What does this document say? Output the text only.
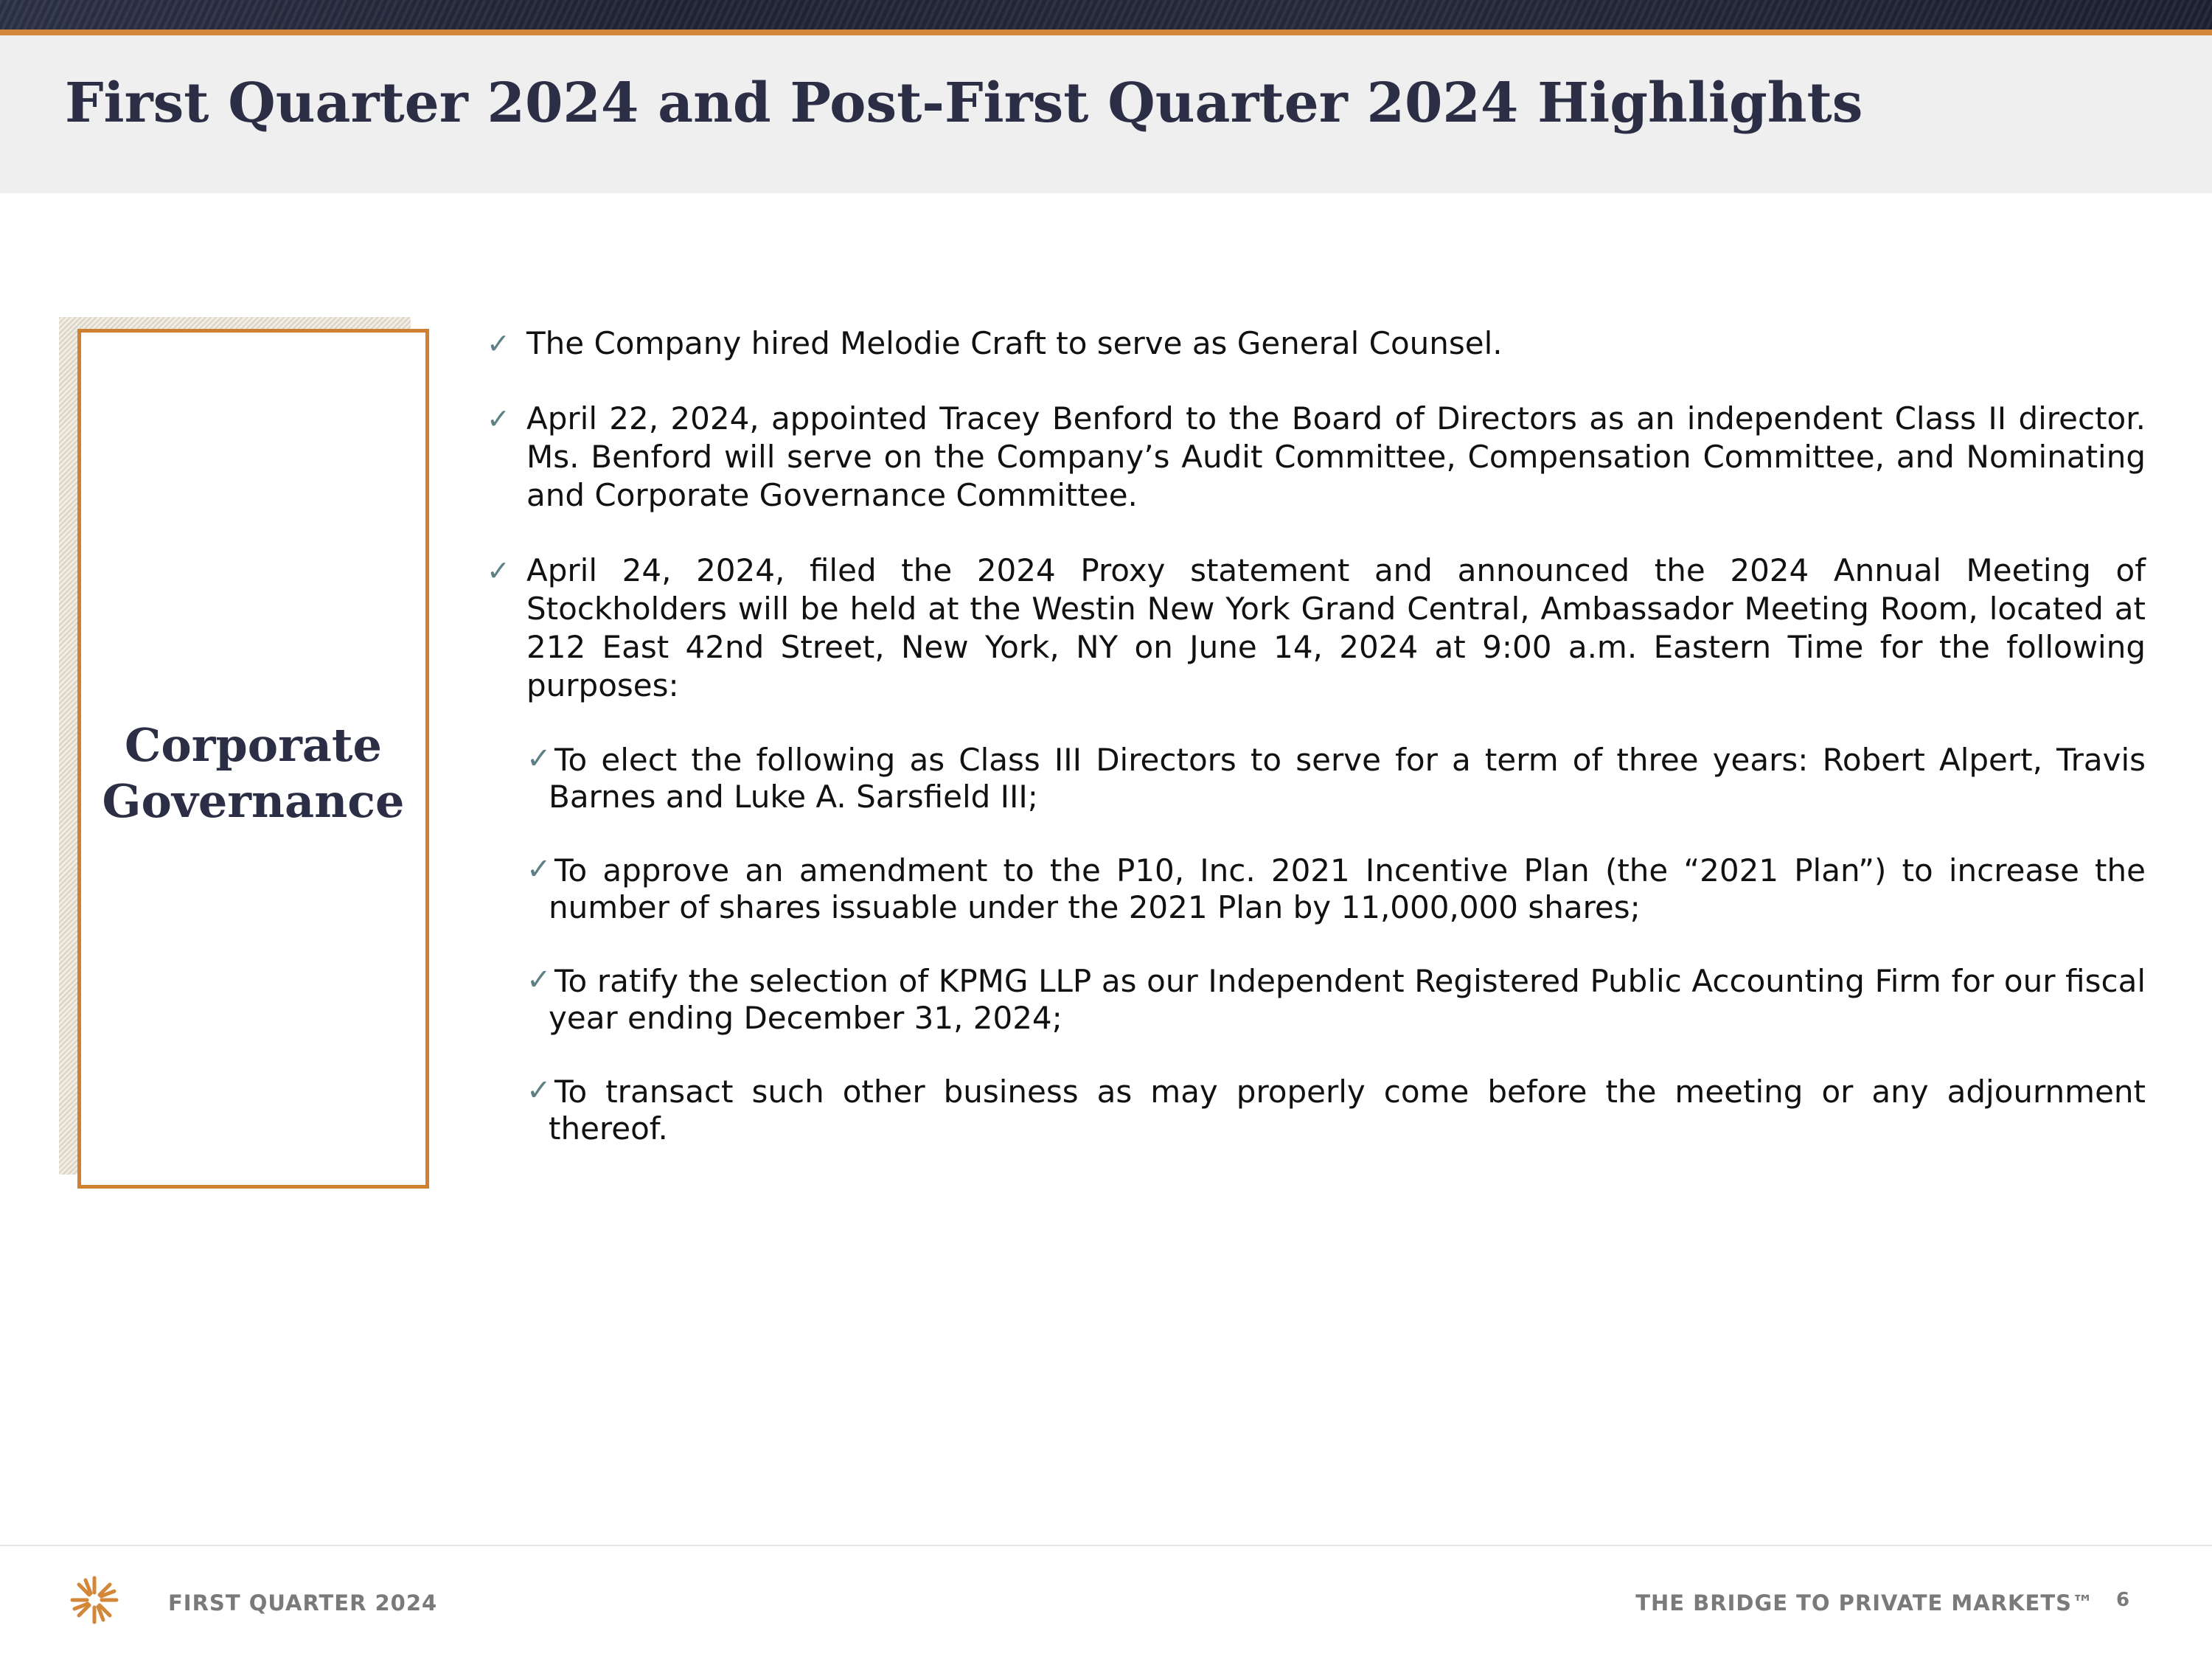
First Quarter 2024 and Post-First Quarter 2024 Highlights
Corporate
Governance
✓ The Company hired Melodie Craft to serve as General Counsel.
✓ April 22, 2024, appointed Tracey Benford to the Board of Directors as an independent Class II director. Ms. Benford will serve on the Company’s Audit Committee, Compensation Committee, and Nominating and Corporate Governance Committee.
✓ April 24, 2024, filed the 2024 Proxy statement and announced the 2024 Annual Meeting of Stockholders will be held at the Westin New York Grand Central, Ambassador Meeting Room, located at 212 East 42nd Street, New York, NY on June 14, 2024 at 9:00 a.m. Eastern Time for the following purposes:
✓ To elect the following as Class III Directors to serve for a term of three years: Robert Alpert, Travis Barnes and Luke A. Sarsfield III;
✓ To approve an amendment to the P10, Inc. 2021 Incentive Plan (the “2021 Plan”) to increase the number of shares issuable under the 2021 Plan by 11,000,000 shares;
✓ To ratify the selection of KPMG LLP as our Independent Registered Public Accounting Firm for our fiscal year ending December 31, 2024;
✓ To transact such other business as may properly come before the meeting or any adjournment thereof.
FIRST QUARTER 2024	THE BRIDGE TO PRIVATE MARKETS™ 6
